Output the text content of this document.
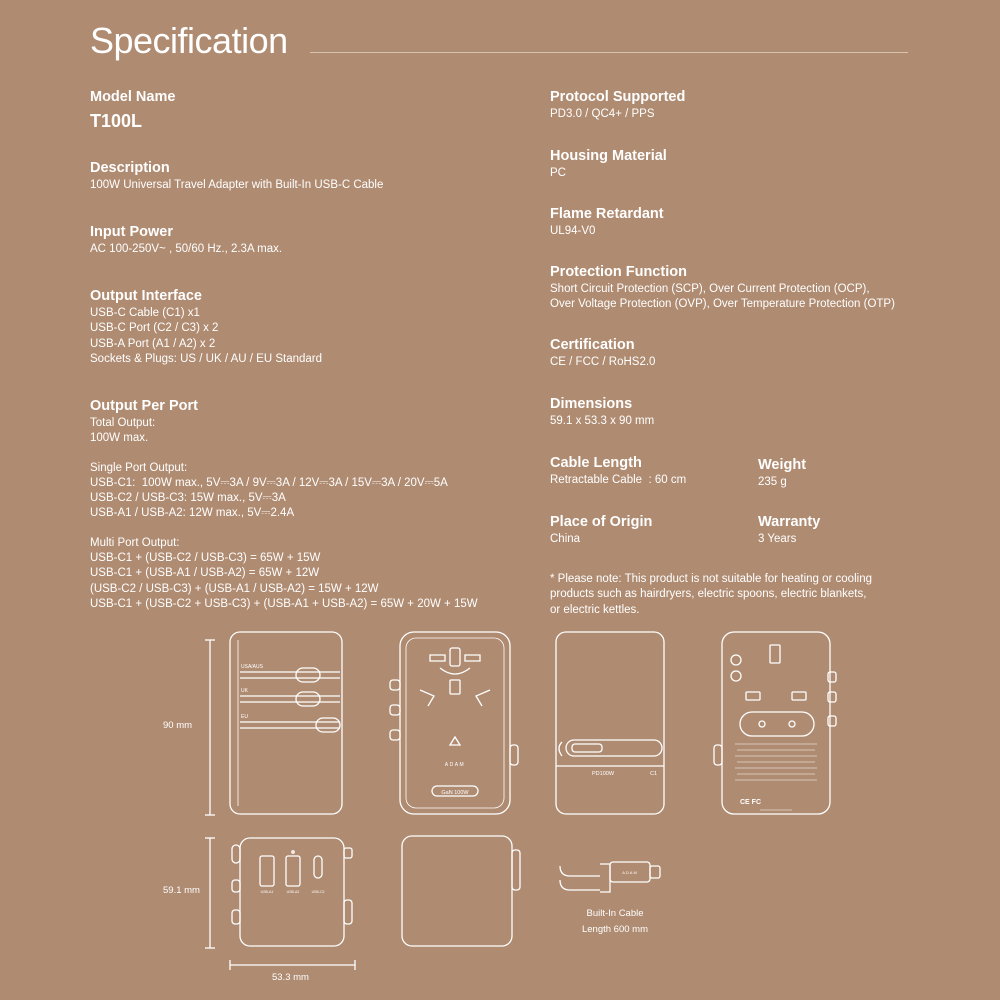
Specification
Model Name
T100L
Description
100W Universal Travel Adapter with Built-In USB-C Cable
Input Power
AC 100-250V~ , 50/60 Hz., 2.3A max.
Output Interface
USB-C Cable (C1) x1
USB-C Port (C2 / C3) x 2
USB-A Port (A1 / A2) x 2
Sockets & Plugs: US / UK / AU / EU Standard
Output Per Port
Total Output:
100W max.
Single Port Output:
USB-C1:  100W max., 5V⎓3A / 9V⎓3A / 12V⎓3A / 15V⎓3A / 20V⎓5A
USB-C2 / USB-C3: 15W max., 5V⎓3A
USB-A1 / USB-A2: 12W max., 5V⎓2.4A
Multi Port Output:
USB-C1 + (USB-C2 / USB-C3) = 65W + 15W
USB-C1 + (USB-A1 / USB-A2) = 65W + 12W
(USB-C2 / USB-C3) + (USB-A1 / USB-A2) = 15W + 12W
USB-C1 + (USB-C2 + USB-C3) + (USB-A1 + USB-A2) = 65W + 20W + 15W
Protocol Supported
PD3.0 / QC4+ / PPS
Housing Material
PC
Flame Retardant
UL94-V0
Protection Function
Short Circuit Protection (SCP), Over Current Protection (OCP),
Over Voltage Protection (OVP), Over Temperature Protection (OTP)
Certification
CE / FCC / RoHS2.0
Dimensions
59.1 x 53.3 x 90 mm
Cable Length
Retractable Cable  : 60 cm
Weight
235 g
Place of Origin
China
Warranty
3 Years
* Please note: This product is not suitable for heating or cooling
products such as hairdryers, electric spoons, electric blankets,
or electric kettles.
90 mm
59.1 mm
53.3 mm
Built-In Cable
Length 600 mm
USA/AUS
UK
EU
ADAM
GaN 100W
PD100W	C1
CE FC
USB-A1	USB-A2	USB-C2
ADAM
